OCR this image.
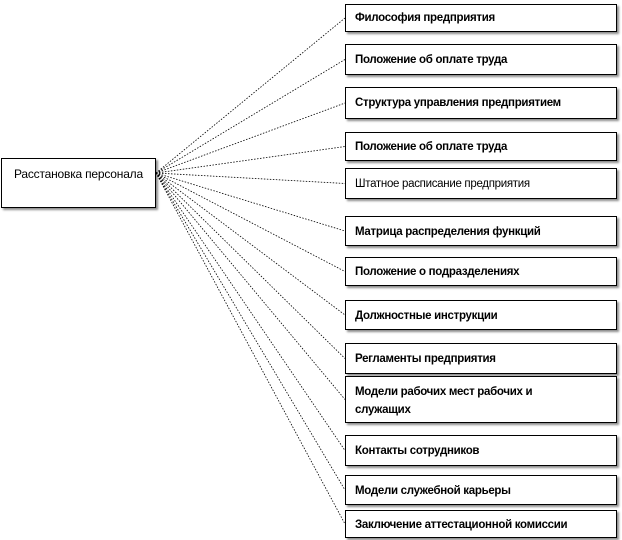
Расстановка персонала
Философия предприятия
Положение об оплате труда
Структура управления предприятием
Положение об оплате труда
Штатное расписание предприятия
Матрица распределения функций
Положение о подразделениях
Должностные инструкции
Регламенты предприятия
Модели рабочих мест рабочих и служащих
Контакты сотрудников
Модели служебной карьеры
Заключение аттестационной комиссии
